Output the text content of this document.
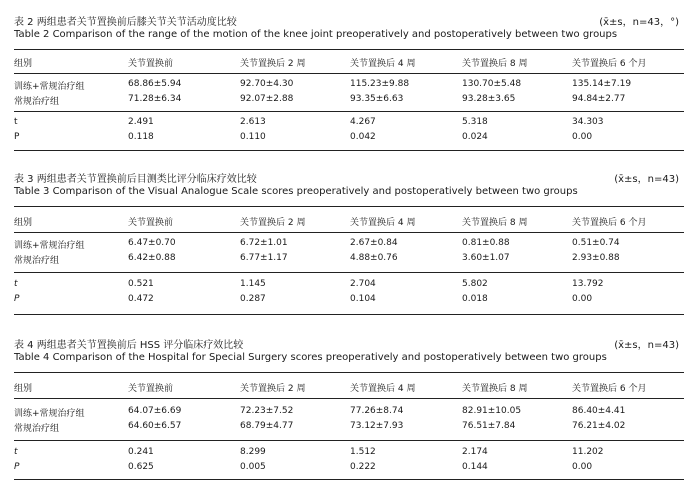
表 2 两组患者关节置换前后膝关节关节活动度比较	(x̄±s，n=43，°)
Table 2 Comparison of the range of the motion of the knee joint preoperatively and postoperatively between two groups
组别	关节置换前	关节置换后 2 周	关节置换后 4 周	关节置换后 8 周	关节置换后 6 个月
训练+常规治疗组	68.86±5.94	92.70±4.30	115.23±9.88	130.70±5.48	135.14±7.19
常规治疗组	71.28±6.34	92.07±2.88	93.35±6.63	93.28±3.65	94.84±2.77
t	2.491	2.613	4.267	5.318	34.303
P	0.118	0.110	0.042	0.024	0.00
表 3 两组患者关节置换前后目测类比评分临床疗效比较	(x̄±s，n=43)
Table 3 Comparison of the Visual Analogue Scale scores preoperatively and postoperatively between two groups
组别	关节置换前	关节置换后 2 周	关节置换后 4 周	关节置换后 8 周	关节置换后 6 个月
训练+常规治疗组	6.47±0.70	6.72±1.01	2.67±0.84	0.81±0.88	0.51±0.74
常规治疗组	6.42±0.88	6.77±1.17	4.88±0.76	3.60±1.07	2.93±0.88
t	0.521	1.145	2.704	5.802	13.792
P	0.472	0.287	0.104	0.018	0.00
表 4 两组患者关节置换前后 HSS 评分临床疗效比较	(x̄±s，n=43)
Table 4 Comparison of the Hospital for Special Surgery scores preoperatively and postoperatively between two groups
组别	关节置换前	关节置换后 2 周	关节置换后 4 周	关节置换后 8 周	关节置换后 6 个月
训练+常规治疗组	64.07±6.69	72.23±7.52	77.26±8.74	82.91±10.05	86.40±4.41
常规治疗组	64.60±6.57	68.79±4.77	73.12±7.93	76.51±7.84	76.21±4.02
t	0.241	8.299	1.512	2.174	11.202
P	0.625	0.005	0.222	0.144	0.00
